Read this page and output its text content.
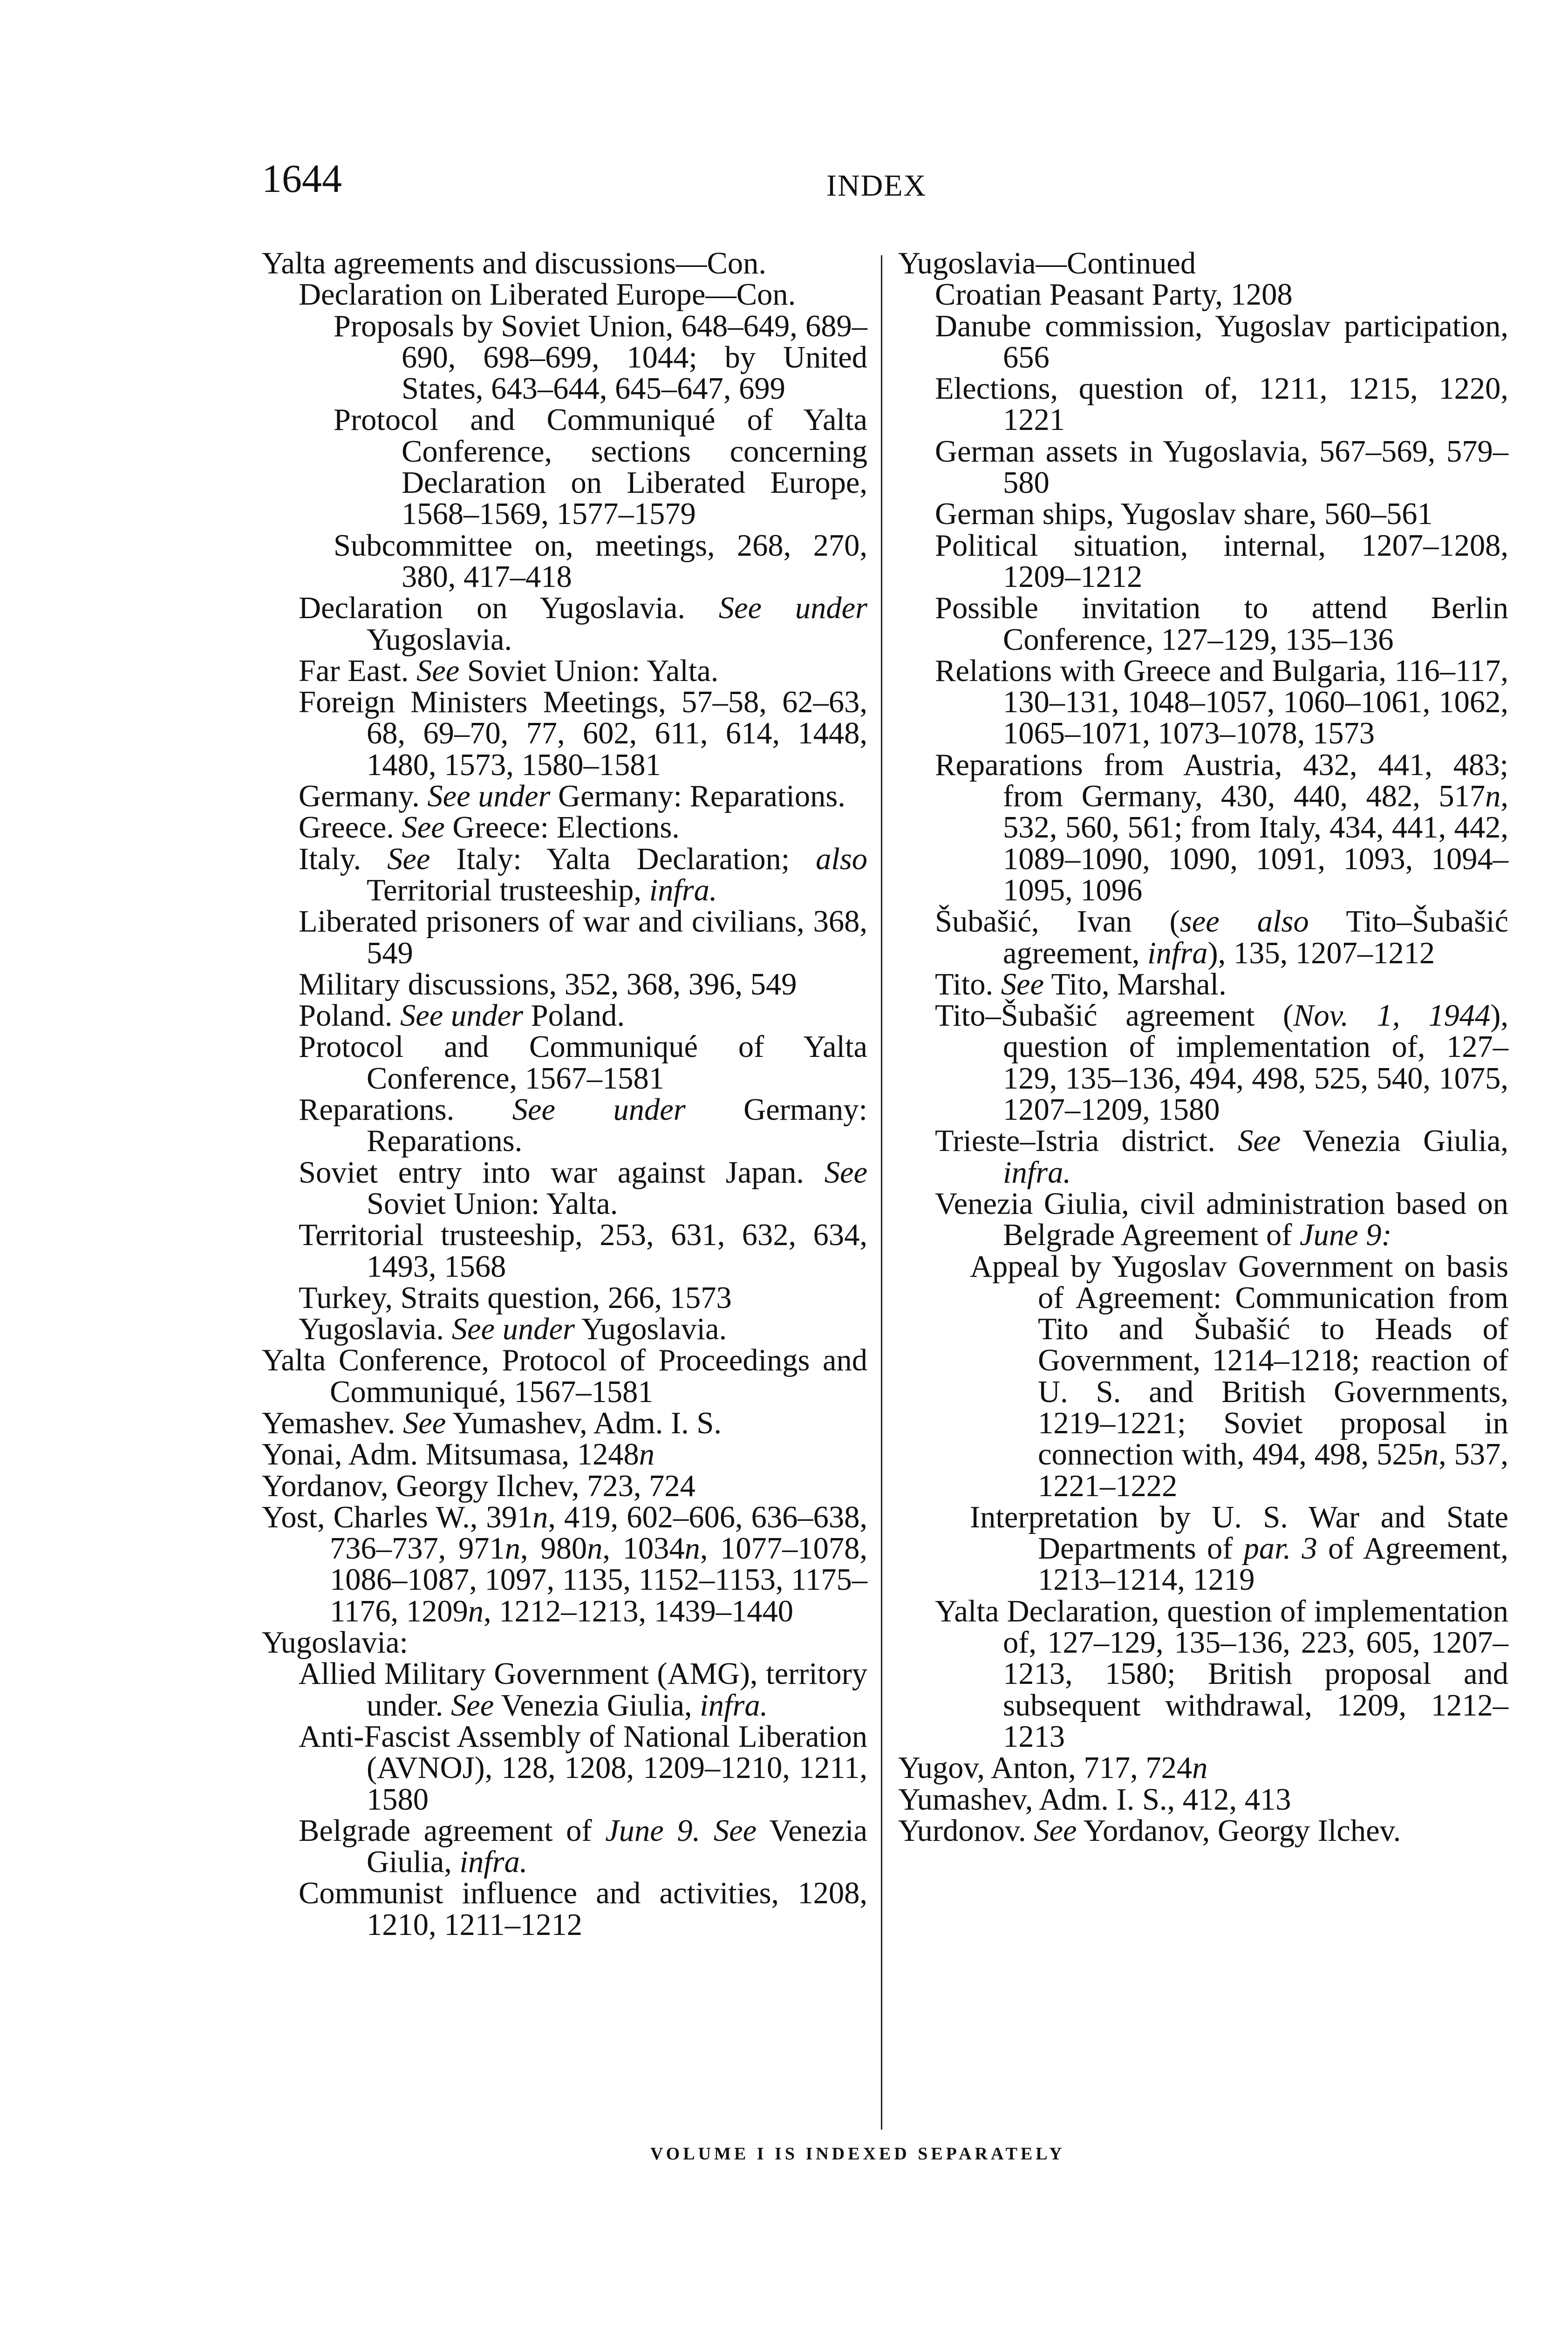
1644	INDEX
Yalta agreements and discussions—Con.
Declaration on Liberated Europe—Con.
Proposals by Soviet Union, 648–649, 689–690, 698–699, 1044; by United States, 643–644, 645–647, 699
Protocol and Communiqué of Yalta Conference, sections concerning Declaration on Liberated Europe, 1568–1569, 1577–1579
Subcommittee on, meetings, 268, 270, 380, 417–418
Declaration on Yugoslavia. See under Yugoslavia.
Far East. See Soviet Union: Yalta.
Foreign Ministers Meetings, 57–58, 62–63, 68, 69–70, 77, 602, 611, 614, 1448, 1480, 1573, 1580–1581
Germany. See under Germany: Reparations.
Greece. See Greece: Elections.
Italy. See Italy: Yalta Declaration; also Territorial trusteeship, infra.
Liberated prisoners of war and civilians, 368, 549
Military discussions, 352, 368, 396, 549
Poland. See under Poland.
Protocol and Communiqué of Yalta Conference, 1567–1581
Reparations. See under Germany: Reparations.
Soviet entry into war against Japan. See Soviet Union: Yalta.
Territorial trusteeship, 253, 631, 632, 634, 1493, 1568
Turkey, Straits question, 266, 1573
Yugoslavia. See under Yugoslavia.
Yalta Conference, Protocol of Proceedings and Communiqué, 1567–1581
Yemashev. See Yumashev, Adm. I. S.
Yonai, Adm. Mitsumasa, 1248n
Yordanov, Georgy Ilchev, 723, 724
Yost, Charles W., 391n, 419, 602–606, 636–638, 736–737, 971n, 980n, 1034n, 1077–1078, 1086–1087, 1097, 1135, 1152–1153, 1175–1176, 1209n, 1212–1213, 1439–1440
Yugoslavia:
Allied Military Government (AMG), territory under. See Venezia Giulia, infra.
Anti-Fascist Assembly of National Liberation (AVNOJ), 128, 1208, 1209–1210, 1211, 1580
Belgrade agreement of June 9. See Venezia Giulia, infra.
Communist influence and activities, 1208, 1210, 1211–1212
Yugoslavia—Continued
Croatian Peasant Party, 1208
Danube commission, Yugoslav participation, 656
Elections, question of, 1211, 1215, 1220, 1221
German assets in Yugoslavia, 567–569, 579–580
German ships, Yugoslav share, 560–561
Political situation, internal, 1207–1208, 1209–1212
Possible invitation to attend Berlin Conference, 127–129, 135–136
Relations with Greece and Bulgaria, 116–117, 130–131, 1048–1057, 1060–1061, 1062, 1065–1071, 1073–1078, 1573
Reparations from Austria, 432, 441, 483; from Germany, 430, 440, 482, 517n, 532, 560, 561; from Italy, 434, 441, 442, 1089–1090, 1090, 1091, 1093, 1094–1095, 1096
Šubašić, Ivan (see also Tito–Šubašić agreement, infra), 135, 1207–1212
Tito. See Tito, Marshal.
Tito–Šubašić agreement (Nov. 1, 1944), question of implementation of, 127–129, 135–136, 494, 498, 525, 540, 1075, 1207–1209, 1580
Trieste–Istria district. See Venezia Giulia, infra.
Venezia Giulia, civil administration based on Belgrade Agreement of June 9:
Appeal by Yugoslav Government on basis of Agreement: Communication from Tito and Šubašić to Heads of Government, 1214–1218; reaction of U. S. and British Governments, 1219–1221; Soviet proposal in connection with, 494, 498, 525n, 537, 1221–1222
Interpretation by U. S. War and State Departments of par. 3 of Agreement, 1213–1214, 1219
Yalta Declaration, question of implementation of, 127–129, 135–136, 223, 605, 1207–1213, 1580; British proposal and subsequent withdrawal, 1209, 1212–1213
Yugov, Anton, 717, 724n
Yumashev, Adm. I. S., 412, 413
Yurdonov. See Yordanov, Georgy Ilchev.
VOLUME I IS INDEXED SEPARATELY
